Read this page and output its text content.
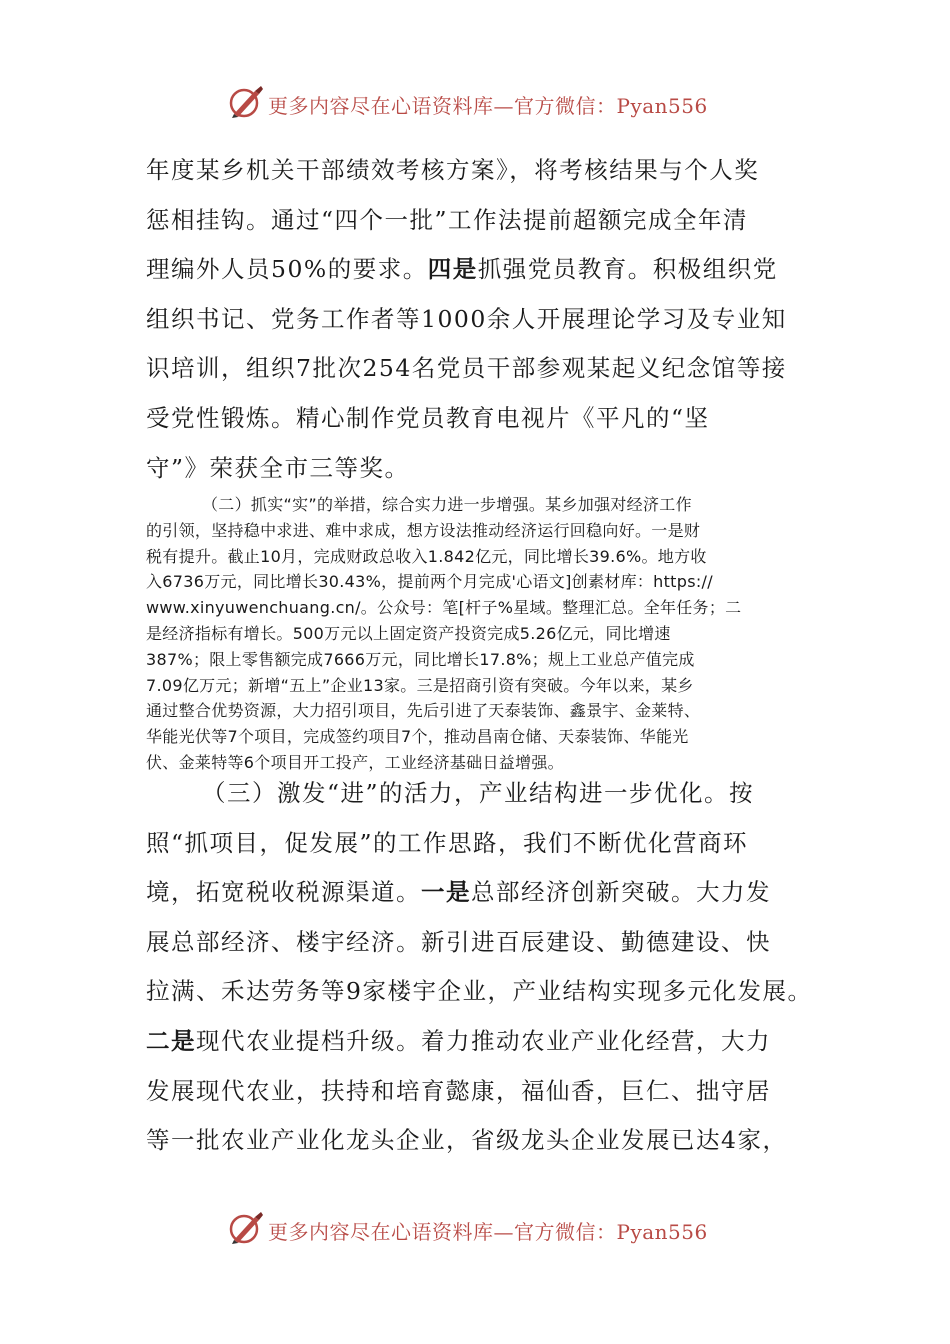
更多内容尽在心语资料库—官方微信：Pyan556
年度某乡机关干部绩效考核方案》，将考核结果与个人奖
惩相挂钩。通过“四个一批”工作法提前超额完成全年清
理编外人员50%的要求。四是抓强党员教育。积极组织党
组织书记、党务工作者等1000余人开展理论学习及专业知
识培训，组织7批次254名党员干部参观某起义纪念馆等接
受党性锻炼。精心制作党员教育电视片《平凡的“坚
守”》荣获全市三等奖。
（二）抓实“实”的举措，综合实力进一步增强。某乡加强对经济工作
的引领，坚持稳中求进、难中求成，想方设法推动经济运行回稳向好。一是财
税有提升。截止10月，完成财政总收入1.842亿元，同比增长39.6%。地方收
入6736万元，同比增长30.43%，提前两个月完成'心语文]创素材库：https://
www.xinyuwenchuang.cn/。公众号：笔[杆子%星域。整理汇总。全年任务；二
是经济指标有增长。500万元以上固定资产投资完成5.26亿元，同比增速
387%；限上零售额完成7666万元，同比增长17.8%；规上工业总产值完成
7.09亿万元；新增“五上”企业13家。三是招商引资有突破。今年以来，某乡
通过整合优势资源，大力招引项目，先后引进了天泰装饰、鑫景宇、金莱特、
华能光伏等7个项目，完成签约项目7个，推动昌南仓储、天泰装饰、华能光
伏、金莱特等6个项目开工投产，工业经济基础日益增强。
（三）激发“进”的活力，产业结构进一步优化。按
照“抓项目，促发展”的工作思路，我们不断优化营商环
境，拓宽税收税源渠道。一是总部经济创新突破。大力发
展总部经济、楼宇经济。新引进百辰建设、勤德建设、快
拉满、禾达劳务等9家楼宇企业，产业结构实现多元化发展。
二是现代农业提档升级。着力推动农业产业化经营，大力
发展现代农业，扶持和培育懿康，福仙香，巨仁、拙守居
等一批农业产业化龙头企业，省级龙头企业发展已达4家，
更多内容尽在心语资料库—官方微信：Pyan556
